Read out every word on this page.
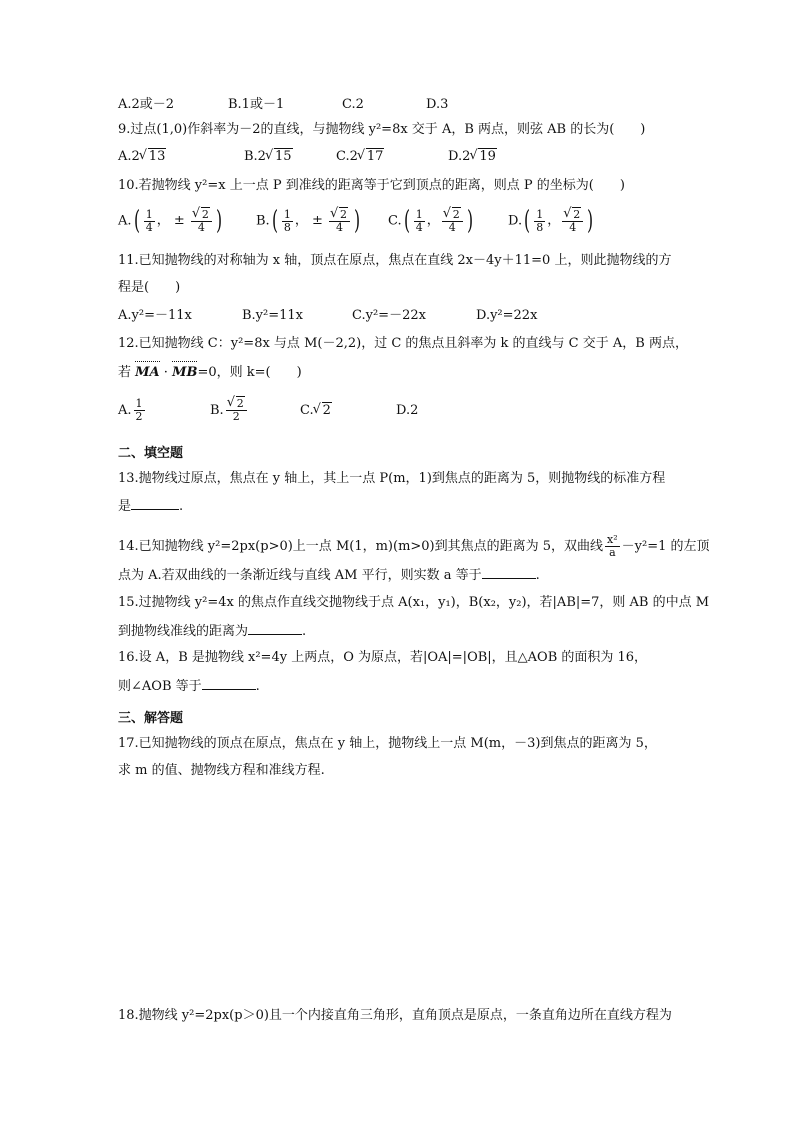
A.2或－2	B.1或－1	C.2	D.3
9.过点(1,0)作斜率为－2的直线，与抛物线 y²=8x 交于 A，B 两点，则弦 AB 的长为(　　)
A.2 √ 13	B.2 √ 15	C.2 √ 17	D.2 √ 19
10.若抛物线 y²=x 上一点 P 到准线的距离等于它到顶点的距离，则点 P 的坐标为(　　)
A. ( $\frac{1}{4}$ ， ±
√ $\frac{2}{4}$ )	B. ( $\frac{1}{8}$ ， ±
√ $\frac{2}{4}$ ) C. ( $\frac{1}{4}$ ， √ $\frac{2}{4}$ )	D. ( $\frac{1}{8}$ ， √ $\frac{2}{4}$ )
11.已知抛物线的对称轴为 x 轴，顶点在原点，焦点在直线 2x－4y＋11=0 上，则此抛物线的方
程是(　　)
A.y²=－11x	B.y²=11x	C.y²=－22x	D.y²=22x
12.已知抛物线 C：y²=8x 与点 M(－2,2)，过 C 的焦点且斜率为 k 的直线与 C 交于 A，B 两点，
若 MA · MB=0，则 k=(　　)
A. $\frac{1}{2}$	B. √ $\frac{2}{2}$	C. √ 2	D.2
二、填空题
13.抛物线过原点，焦点在 y 轴上，其上一点 P(m，1)到焦点的距离为 5，则抛物线的标准方程
是	.
14.已知抛物线 y²=2px(p>0)上一点 M(1，m)(m>0)到其焦点的距离为 5，双曲线 $\frac{\text{x²}}{a} -y^2=1$ 的左顶
点为 A.若双曲线的一条渐近线与直线 AM 平行，则实数 a 等于	.
15.过抛物线 y²=4x 的焦点作直线交抛物线于点 A(x₁，y₁)，B(x₂，y₂)，若|AB|=7，则 AB 的中点 M
到抛物线准线的距离为	.
16.设 A，B 是抛物线 x²=4y 上两点，O 为原点，若|OA|=|OB|，且△AOB 的面积为 16，
则∠AOB 等于	.
三、解答题
17.已知抛物线的顶点在原点，焦点在 y 轴上，抛物线上一点 M(m，－3)到焦点的距离为 5，
求 m 的值、抛物线方程和准线方程.
18.抛物线 y²=2px(p＞0)且一个内接直角三角形，直角顶点是原点，一条直角边所在直线方程为
